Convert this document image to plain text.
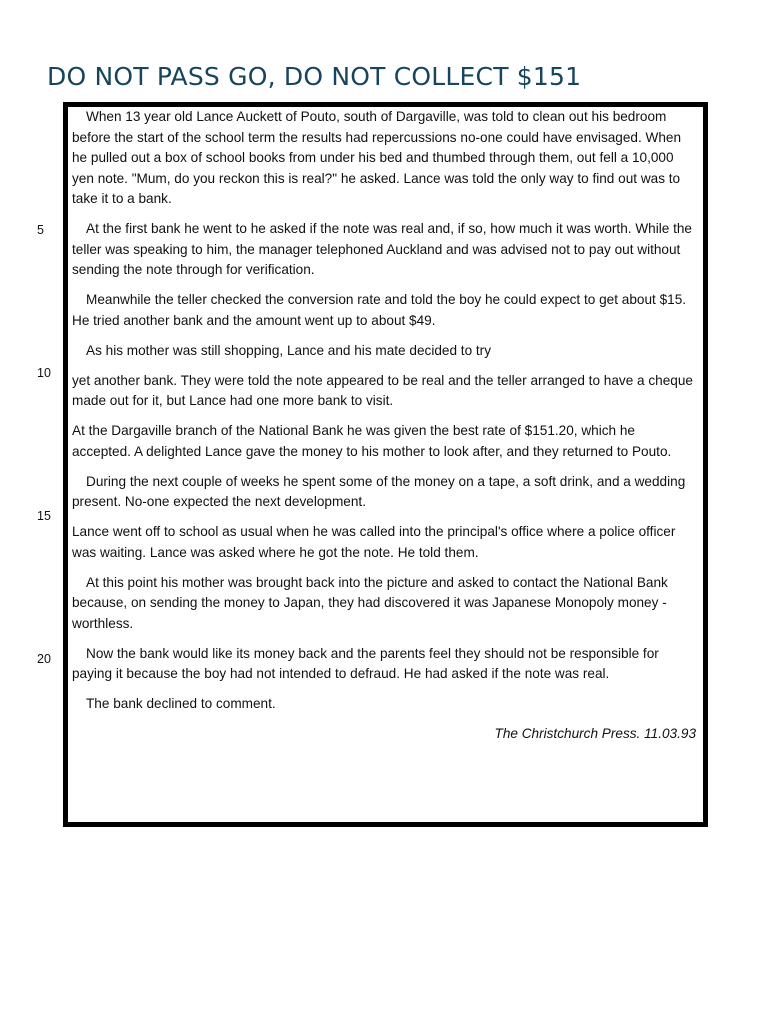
DO NOT PASS GO, DO NOT COLLECT $151
5
10
15
20

When 13 year old Lance Auckett of Pouto, south of Dargaville, was told to clean out his bedroom before the start of the school term the results had repercussions no-one could have envisaged. When he pulled out a box of school books from under his bed and thumbed through them, out fell a 10,000 yen note. "Mum, do you reckon this is real?" he asked. Lance was told the only way to find out was to take it to a bank.

At the first bank he went to he asked if the note was real and, if so, how much it was worth. While the teller was speaking to him, the manager telephoned Auckland and was advised not to pay out without sending the note through for verification.

Meanwhile the teller checked the conversion rate and told the boy he could expect to get about $15. He tried another bank and the amount went up to about $49.

As his mother was still shopping, Lance and his mate decided to try

yet another bank. They were told the note appeared to be real and the teller arranged to have a cheque made out for it, but Lance had one more bank to visit.

At the Dargaville branch of the National Bank he was given the best rate of $151.20, which he accepted. A delighted Lance gave the money to his mother to look after, and they returned to Pouto.

During the next couple of weeks he spent some of the money on a tape, a soft drink, and a wedding present. No-one expected the next development.

Lance went off to school as usual when he was called into the principal's office where a police officer was waiting. Lance was asked where he got the note. He told them.

At this point his mother was brought back into the picture and asked to contact the National Bank because, on sending the money to Japan, they had discovered it was Japanese Monopoly money - worthless.

Now the bank would like its money back and the parents feel they should not be responsible for paying it because the boy had not intended to defraud. He had asked if the note was real.

The bank declined to comment.

The Christchurch Press. 11.03.93
